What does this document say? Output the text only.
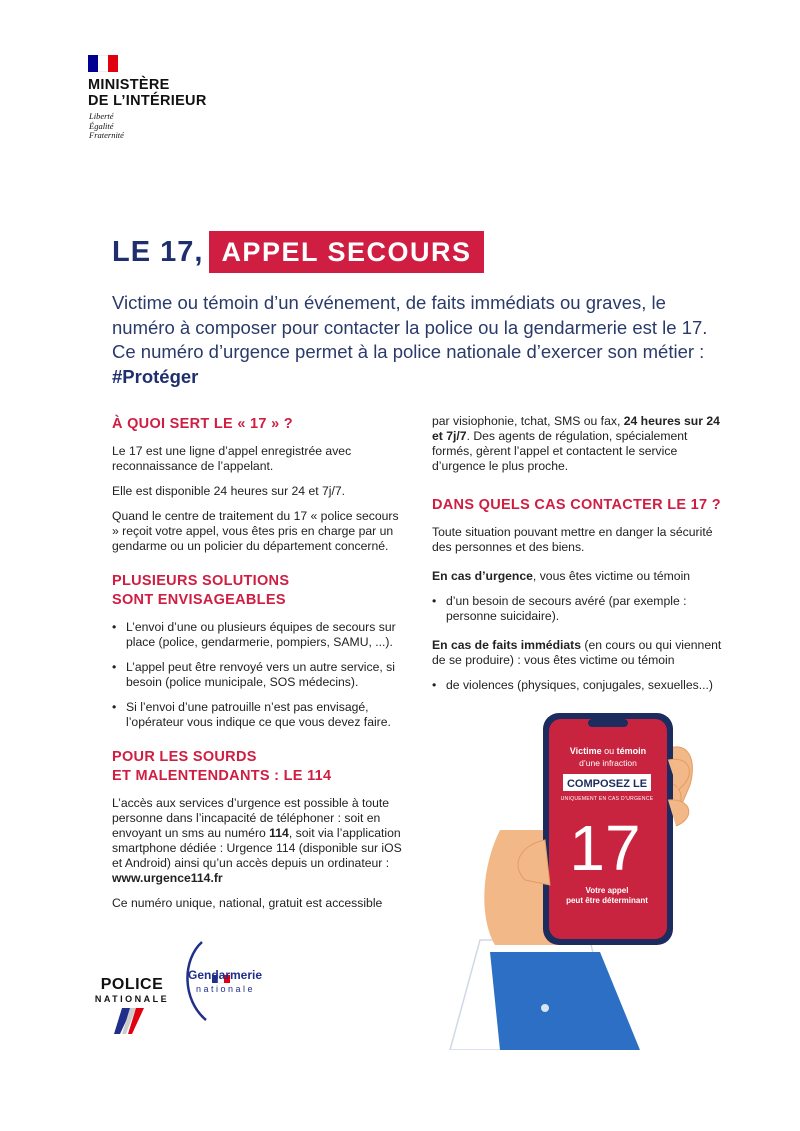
MINISTÈRE
DE L’INTÉRIEUR
Liberté
Égalité
Fraternité
LE 17, APPEL SECOURS
Victime ou témoin d’un événement, de faits immédiats ou graves, le numéro à composer pour contacter la police ou la gendarmerie est le 17. Ce numéro d’urgence permet à la police nationale d’exercer son métier : #Protéger
À QUOI SERT LE « 17 » ?

Le 17 est une ligne d’appel enregistrée avec reconnaissance de l’appelant.

Elle est disponible 24 heures sur 24 et 7j/7.

Quand le centre de traitement du 17 « police secours » reçoit votre appel, vous êtes pris en charge par un gendarme ou un policier du département concerné.

PLUSIEURS SOLUTIONS
SONT ENVISAGEABLES
• L’envoi d’une ou plusieurs équipes de secours sur place (police, gendarmerie, pompiers, SAMU, ...).
• L’appel peut être renvoyé vers un autre service, si besoin (police municipale, SOS médecins).
• Si l’envoi d’une patrouille n’est pas envisagé, l’opérateur vous indique ce que vous devez faire.
POUR LES SOURDS
ET MALENTENDANTS : LE 114

L’accès aux services d’urgence est possible à toute personne dans l’incapacité de téléphoner : soit en envoyant un sms au numéro 114, soit via l’application smartphone dédiée : Urgence 114 (disponible sur iOS et Android) ainsi qu’un accès depuis un ordinateur : www.urgence114.fr

Ce numéro unique, national, gratuit est accessible

par visiophonie, tchat, SMS ou fax, 24 heures sur 24 et 7j/7. Des agents de régulation, spécialement formés, gèrent l’appel et contactent le service d’urgence le plus proche.

DANS QUELS CAS CONTACTER LE 17 ?

Toute situation pouvant mettre en danger la sécurité des personnes et des biens.

En cas d’urgence, vous êtes victime ou témoin

• d’un besoin de secours avéré (par exemple : personne suicidaire).

En cas de faits immédiats (en cours ou qui viennent de se produire) : vous êtes victime ou témoin

• de violences (physiques, conjugales, sexuelles...)
Victime ou témoin
d’une infraction
COMPOSEZ LE
UNIQUEMENT EN CAS D’URGENCE
17
Votre appel
peut être déterminant
POLICE
NATIONALE
Gendarmerie
nationale
